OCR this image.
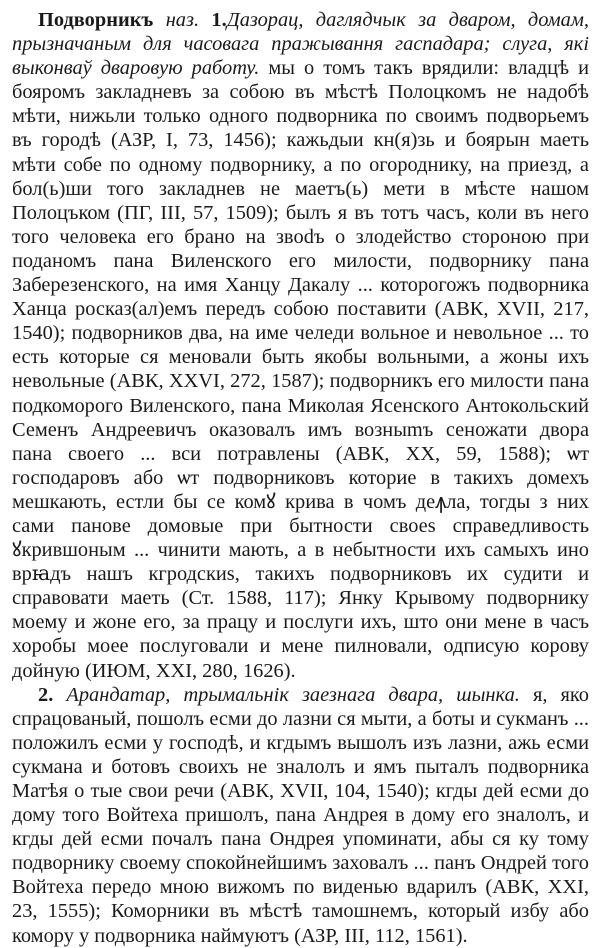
Подворникъ наз. 1.Дазорац, даглядчык за дваром, домам, прызначаным для часовага пражывання гаспадара; слуга, які выконваў дваровую работу. мы о томъ такъ врядили: владцѣ и бояромъ закладневъ за собою въ мѣстѣ Полоцкомъ не надобѣ мѣти, нижьли только одного подворника по своимъ подворьемъ въ городѣ (АЗР, I, 73, 1456); кажьдыи кн(я)зь и боярын маеть мѣти собе по одному подворнику, а по огороднику, на приезд, а бол(ь)ши того закладнев не маетъ(ь) мети в мѣсте нашом Полоцъком (ПГ, III, 57, 1509); былъ я въ тотъ часъ, коли въ него того человека его брано на звodъ о злодейство стороною при поданомъ пана Виленского его милости, подворнику пана Заберезенского, на имя Ханцу Дакалу ... которогожъ подворника Ханца росказ(ал)емъ передъ собою поставити (АВК, XVII, 217, 1540); подворников два, на име челеди вольное и невольное ... то есть которые ся меновали быть якобы вольными, а жоны ихъ невольные (АВК, XXVI, 272, 1587); подворникъ его милости пана подкоморого Виленского, пана Миколая Ясенского Антокольский Семенъ Андреевичъ оказовалъ имъ возныmъ сеножати двора пана своего ... вси потравлены (АВК, XX, 59, 1588); ѡт господаровъ або ѡт подворниковъ которие в такихъ домехъ мешкають, естли бы се комꙋ крива в чомъ деꙟла, тогды з них сами панове домовые при бытности своеѕ справедливость ꙋкрившоным ... чинити мають, а в небытности ихъ самыхъ ино врꙗдъ нашъ кгродскиѕ, такихъ подворниковъ их судити и справовати маеть (Ст. 1588, 117); Янку Крывому подворнику моему и жоне его, за працу и послуги ихъ, што они мене в часъ хоробы моее послуговали и мене пилновали, одписую корову дойную (ИЮМ, XXI, 280, 1626).

2. Арандатар, трымальнік заезнага двара, шынка. я, яко спрацованый, пошолъ есми до лазни ся мыти, а боты и сукманъ ... положилъ есми у господѣ, и кгдымъ вышолъ изъ лазни, ажь есми сукмана и ботовъ своихъ не зналолъ и ямъ пыталъ подворника Матѣя о тые свои речи (АВК, XVII, 104, 1540); кгды дей есми до дому того Войтеха пришолъ, пана Андрея в дому его зналолъ, и кгды дей есми почалъ пана Ондрея упоминати, абы ся ку тому подворнику своему спокойнейшимъ заховалъ ... панъ Ондрей того Войтеха передо мною вижомъ по виденью вдарилъ (АВК, XXI, 23, 1555); Коморники въ мѣстѣ тамошнемъ, который избу або комору у подворника наймуютъ (АЗР, III, 112, 1561).
